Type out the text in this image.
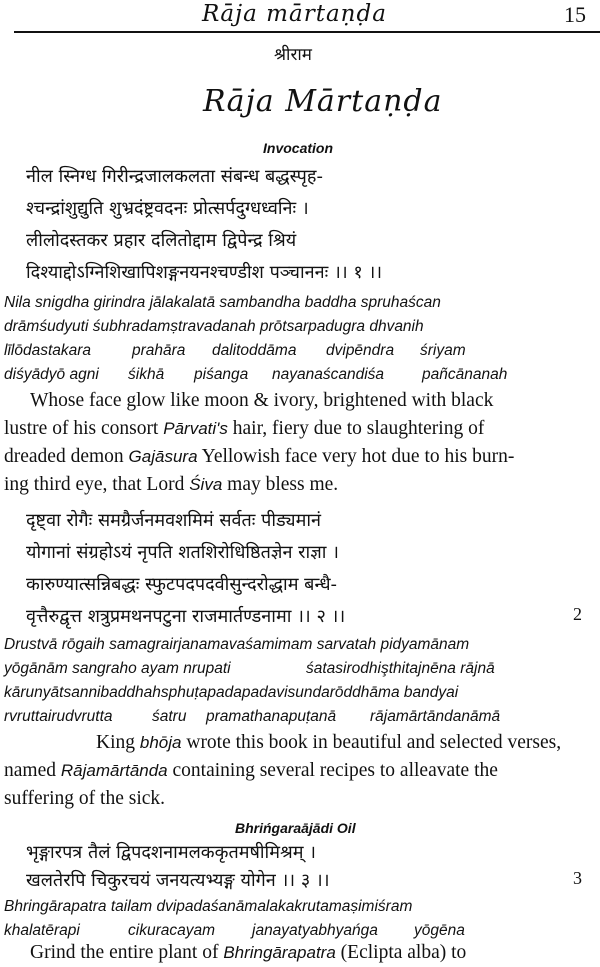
Rāja mārtaṇḍa	15
श्रीराम
Rāja Mārtaṇḍa
Invocation
नील स्निग्ध गिरीन्द्रजालकलता संबन्ध बद्धस्पृह-
श्चन्द्रांशुद्युति शुभ्रदंष्ट्रवदनः प्रोत्सर्पदुग्धध्वनिः ।
लीलोदस्तकर प्रहार दलितोद्दाम द्विपेन्द्र श्रियं
दिश्याद्दोऽग्निशिखापिशङ्गनयनश्चण्डीश पञ्चाननः ।। १ ।।
Nila snigdha girindra jālakalatā sambandha baddha spruhaścan
drāmśudyuti śubhradamṣtravadanah prōtsarpadugra dhvanih
līlōdastakara	prahāra dalitoddāma dvipēndra śriyam
diśyādyō agni śikhā piśanga nayanaścandiśa pañcānanah
Whose face glow like moon & ivory, brightened with black
lustre of his consort Pārvati's hair, fiery due to slaughtering of
dreaded demon Gajāsura Yellowish face very hot due to his burn-
ing third eye, that Lord Śiva may bless me.
दृष्ट्वा रोगैः समग्रैर्जनमवशमिमं सर्वतः पीड्यमानं
योगानां संग्रहोऽयं नृपति शतशिरोधिष्ठितज्ञेन राज्ञा ।
कारुण्यात्सन्निबद्धः स्फुटपदपदवीसुन्दरोद्धाम बन्धै-
वृत्तैरुद्वृत्त शत्रुप्रमथनपटुना राजमार्तण्डनामा ।। २ ।।	2
Drustvā rōgaih samagrairjanamavaśamimam sarvatah pidyamānam
yōgānām sangraho ayam nrupati	śatasirodhişthitajnēna rājnā
kārunyātsannibaddhahsphuṭapadapadavisundarōddhāma bandyai
rvruttairudvrutta	śatru pramathanapuṭanā rājamārtāndanāmā
King bhōja wrote this book in beautiful and selected verses,
named Rājamārtānda containing several recipes to alleavate the
suffering of the sick.
Bhrińgaraājādi Oil
भृङ्गारपत्र तैलं द्विपदशनामलककृतमषीमिश्रम् ।
खलतेरपि चिकुरचयं जनयत्यभ्यङ्ग योगेन ।। ३ ।।	3
Bhringārapatra tailam dvipadaśanāmalakakrutamaṣimiśram
khalatērapi	cikuracayam janayatyabhyańga yōgēna
Grind the entire plant of Bhringārapatra (Eclipta alba) to
